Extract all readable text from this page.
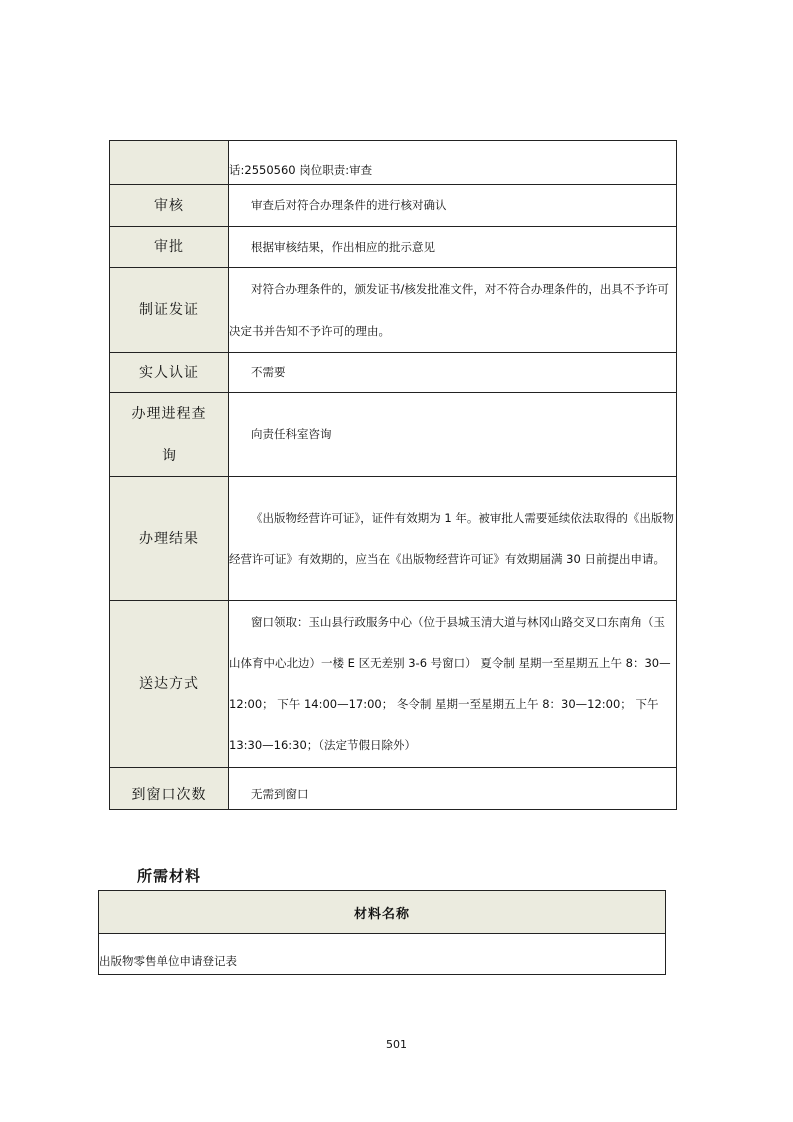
	话:2550560 岗位职责:审查
审核	审查后对符合办理条件的进行核对确认

审批	根据审核结果，作出相应的批示意见

制证发证	对符合办理条件的，颁发证书/核发批准文件，对不符合办理条件的，出具不予许可决定书并告知不予许可的理由。

实人认证	不需要

办理进程查
询	向责任科室咨询

办理结果	《出版物经营许可证》，证件有效期为 1 年。被审批人需要延续依法取得的《出版物经营许可证》有效期的，应当在《出版物经营许可证》有效期届满 30 日前提出申请。

送达方式	窗口领取：玉山县行政服务中心（位于县城玉清大道与林冈山路交叉口东南角（玉山体育中心北边）一楼 E 区无差别 3-6 号窗口） 夏令制 星期一至星期五上午 8：30—12:00； 下午 14:00—17:00； 冬令制 星期一至星期五上午 8：30—12:00； 下午 13:30—16:30；（法定节假日除外）

到窗口次数	无需到窗口
所需材料
材料名称
出版物零售单位申请登记表
501
